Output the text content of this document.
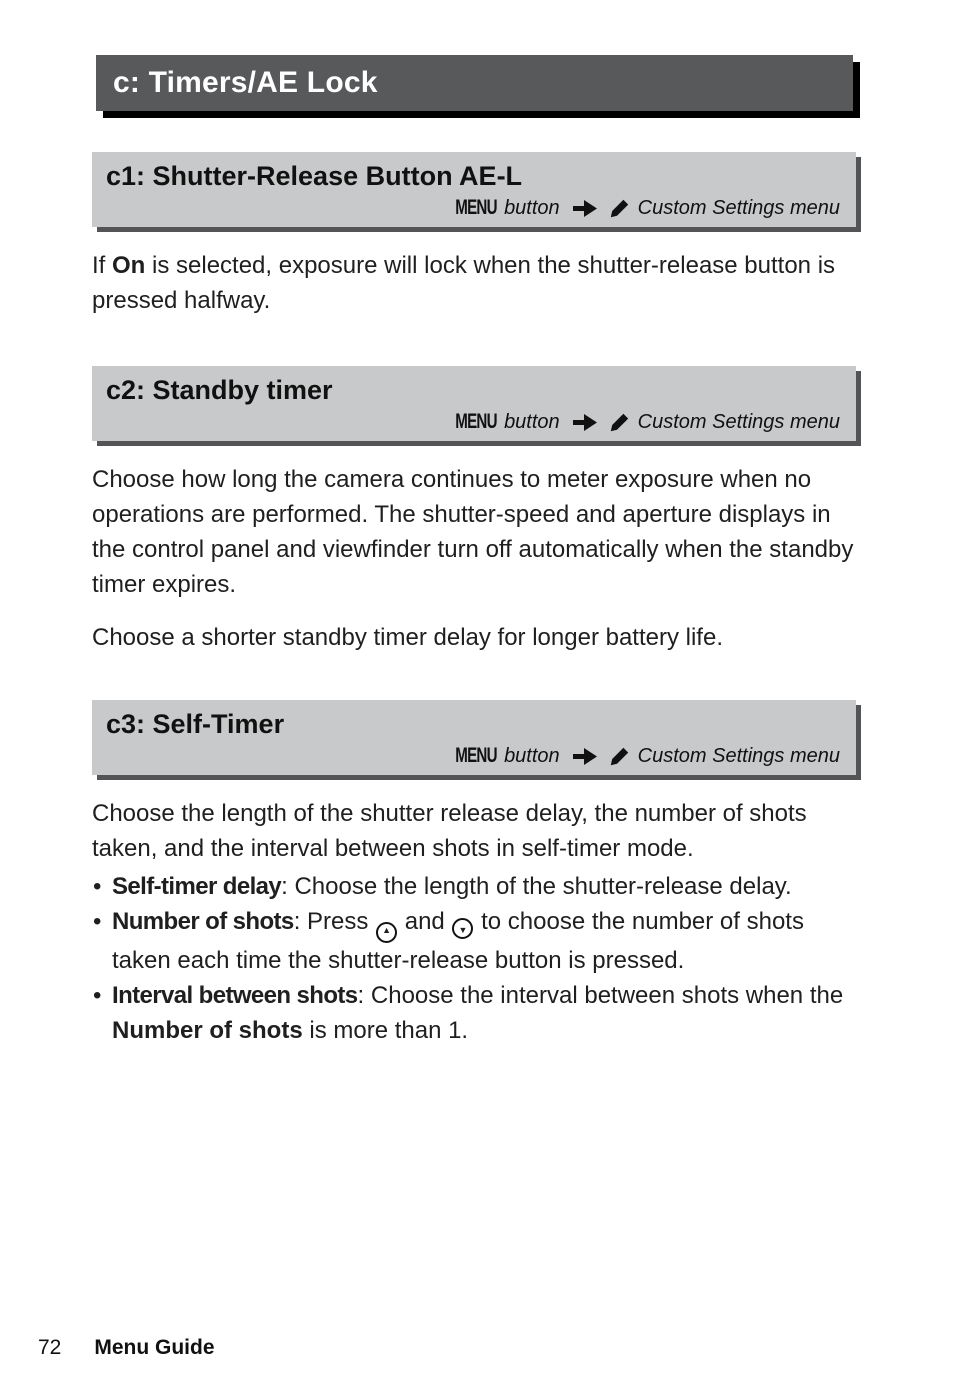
c: Timers/AE Lock
c1: Shutter-Release Button AE-L
MENU button	Custom Settings menu

If On is selected, exposure will lock when the shutter-release button is pressed halfway.

c2: Standby timer
MENU button	Custom Settings menu

Choose how long the camera continues to meter exposure when no operations are performed. The shutter-speed and aperture displays in the control panel and viewfinder turn off automatically when the standby timer expires.

Choose a shorter standby timer delay for longer battery life.

c3: Self-Timer
MENU button	Custom Settings menu

Choose the length of the shutter release delay, the number of shots taken, and the interval between shots in self-timer mode.

• Self-timer delay: Choose the length of the shutter-release delay.
• Number of shots: Press ▲ and ▼ to choose the number of shots taken each time the shutter-release button is pressed.
• Interval between shots: Choose the interval between shots when the Number of shots is more than 1.
72 Menu Guide
